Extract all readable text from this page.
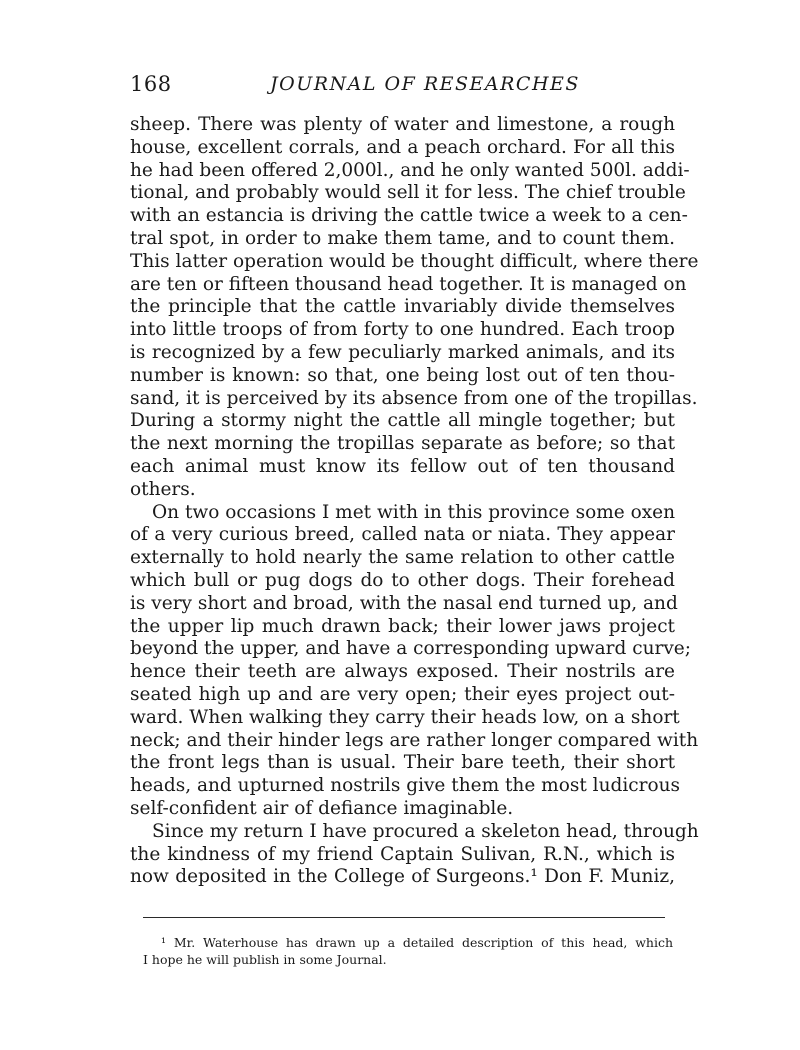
168	JOURNAL OF RESEARCHES
sheep. There was plenty of water and limestone, a rough
house, excellent corrals, and a peach orchard. For all this
he had been offered 2,000l., and he only wanted 500l. addi-
tional, and probably would sell it for less. The chief trouble
with an estancia is driving the cattle twice a week to a cen-
tral spot, in order to make them tame, and to count them.
This latter operation would be thought difficult, where there
are ten or fifteen thousand head together. It is managed on
the principle that the cattle invariably divide themselves
into little troops of from forty to one hundred. Each troop
is recognized by a few peculiarly marked animals, and its
number is known: so that, one being lost out of ten thou-
sand, it is perceived by its absence from one of the tropillas.
During a stormy night the cattle all mingle together; but
the next morning the tropillas separate as before; so that
each animal must know its fellow out of ten thousand
others.
On two occasions I met with in this province some oxen
of a very curious breed, called nata or niata. They appear
externally to hold nearly the same relation to other cattle
which bull or pug dogs do to other dogs. Their forehead
is very short and broad, with the nasal end turned up, and
the upper lip much drawn back; their lower jaws project
beyond the upper, and have a corresponding upward curve;
hence their teeth are always exposed. Their nostrils are
seated high up and are very open; their eyes project out-
ward. When walking they carry their heads low, on a short
neck; and their hinder legs are rather longer compared with
the front legs than is usual. Their bare teeth, their short
heads, and upturned nostrils give them the most ludicrous
self-confident air of defiance imaginable.
Since my return I have procured a skeleton head, through
the kindness of my friend Captain Sulivan, R.N., which is
now deposited in the College of Surgeons.¹ Don F. Muniz,
¹ Mr. Waterhouse has drawn up a detailed description of this head, which
I hope he will publish in some Journal.
